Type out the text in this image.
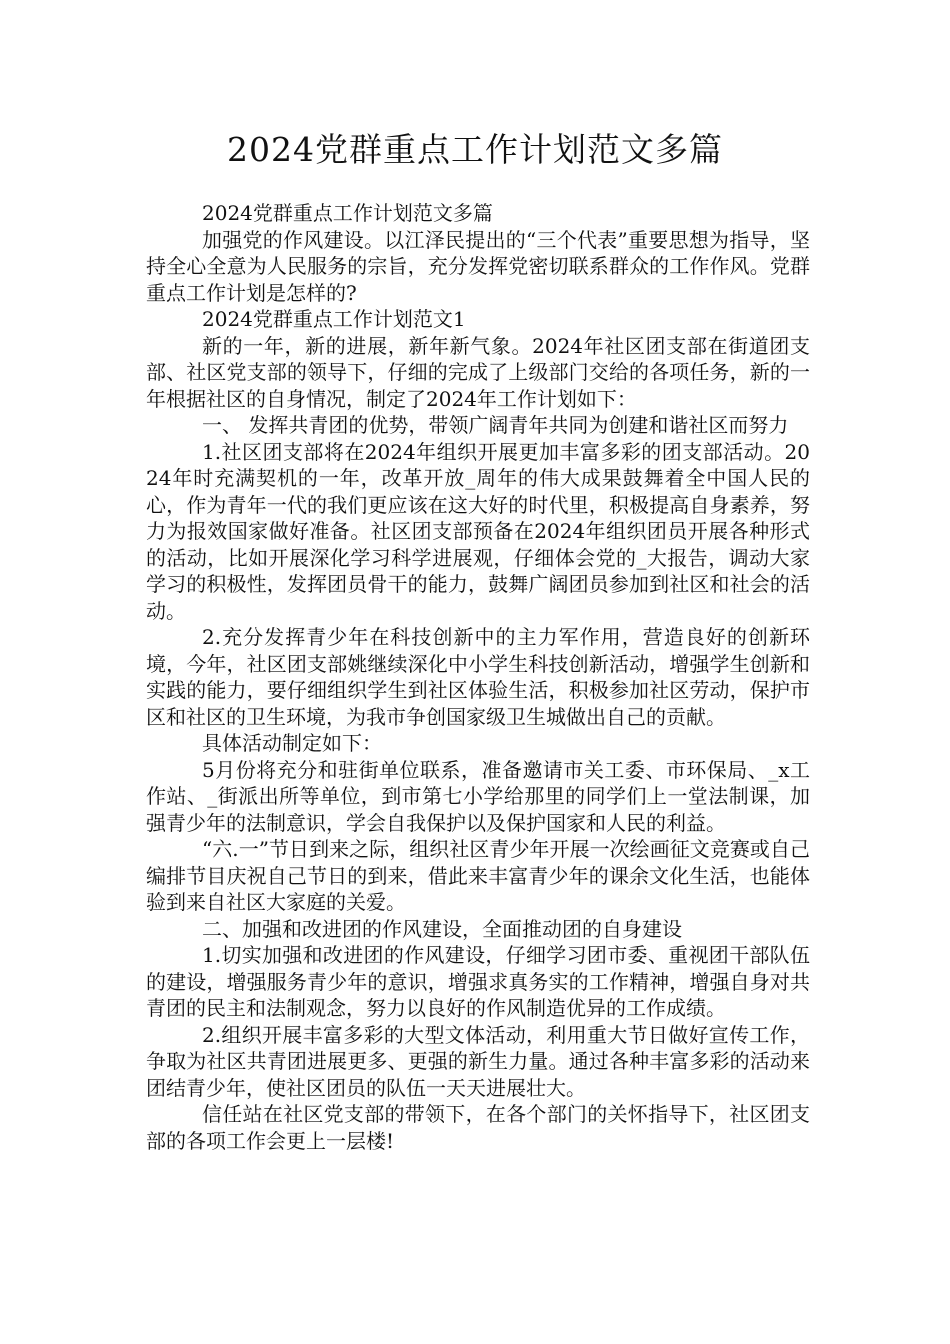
2024党群重点工作计划范文多篇

2024党群重点工作计划范文多篇

加强党的作风建设。以江泽民提出的“三个代表”重要思想为指导，坚持全心全意为人民服务的宗旨，充分发挥党密切联系群众的工作作风。党群重点工作计划是怎样的?

2024党群重点工作计划范文1

新的一年，新的进展，新年新气象。2024年社区团支部在街道团支部、社区党支部的领导下，仔细的完成了上级部门交给的各项任务，新的一年根据社区的自身情况，制定了2024年工作计划如下：

一、 发挥共青团的优势，带领广阔青年共同为创建和谐社区而努力

1.社区团支部将在2024年组织开展更加丰富多彩的团支部活动。2024年时充满契机的一年，改革开放_周年的伟大成果鼓舞着全中国人民的心，作为青年一代的我们更应该在这大好的时代里，积极提高自身素养，努力为报效国家做好准备。社区团支部预备在2024年组织团员开展各种形式的活动，比如开展深化学习科学进展观，仔细体会党的_大报告，调动大家学习的积极性，发挥团员骨干的能力，鼓舞广阔团员参加到社区和社会的活动。

2.充分发挥青少年在科技创新中的主力军作用，营造良好的创新环境，今年，社区团支部姚继续深化中小学生科技创新活动，增强学生创新和实践的能力，要仔细组织学生到社区体验生活，积极参加社区劳动，保护市区和社区的卫生环境，为我市争创国家级卫生城做出自己的贡献。

具体活动制定如下：

5月份将充分和驻街单位联系，准备邀请市关工委、市环保局、_x工作站、_街派出所等单位，到市第七小学给那里的同学们上一堂法制课，加强青少年的法制意识，学会自我保护以及保护国家和人民的利益。

“六.一”节日到来之际，组织社区青少年开展一次绘画征文竞赛或自己编排节目庆祝自己节日的到来，借此来丰富青少年的课余文化生活，也能体验到来自社区大家庭的关爱。

二、加强和改进团的作风建设，全面推动团的自身建设

1.切实加强和改进团的作风建设，仔细学习团市委、重视团干部队伍的建设，增强服务青少年的意识，增强求真务实的工作精神，增强自身对共青团的民主和法制观念，努力以良好的作风制造优异的工作成绩。

2.组织开展丰富多彩的大型文体活动，利用重大节日做好宣传工作，争取为社区共青团进展更多、更强的新生力量。通过各种丰富多彩的活动来团结青少年，使社区团员的队伍一天天进展壮大。

信任站在社区党支部的带领下，在各个部门的关怀指导下，社区团支部的各项工作会更上一层楼!
